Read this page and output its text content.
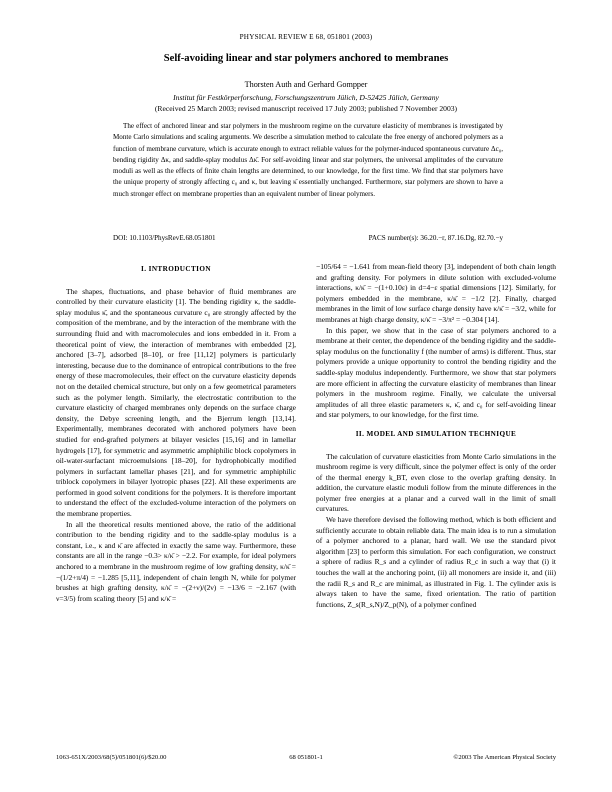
PHYSICAL REVIEW E 68, 051801 (2003)
Self-avoiding linear and star polymers anchored to membranes
Thorsten Auth and Gerhard Gompper
Institut für Festkörperforschung, Forschungszentrum Jülich, D-52425 Jülich, Germany
(Received 25 March 2003; revised manuscript received 17 July 2003; published 7 November 2003)
The effect of anchored linear and star polymers in the mushroom regime on the curvature elasticity of membranes is investigated by Monte Carlo simulations and scaling arguments. We describe a simulation method to calculate the free energy of anchored polymers as a function of membrane curvature, which is accurate enough to extract reliable values for the polymer-induced spontaneous curvature Δc₀, bending rigidity Δκ, and saddle-splay modulus Δκ̄. For self-avoiding linear and star polymers, the universal amplitudes of the curvature moduli as well as the effects of finite chain lengths are determined, to our knowledge, for the first time. We find that star polymers have the unique property of strongly affecting c₀ and κ, but leaving κ̄ essentially unchanged. Furthermore, star polymers are shown to have a much stronger effect on membrane properties than an equivalent number of linear polymers.
DOI: 10.1103/PhysRevE.68.051801	PACS number(s): 36.20.−r, 87.16.Dg, 82.70.−y
I. INTRODUCTION

The shapes, fluctuations, and phase behavior of fluid membranes are controlled by their curvature elasticity [1]. The bending rigidity κ, the saddle-splay modulus κ̄, and the spontaneous curvature c₀ are strongly affected by the composition of the membrane, and by the interaction of the membrane with the surrounding fluid and with macromolecules and ions embedded in it. From a theoretical point of view, the interaction of membranes with embedded [2], anchored [3–7], adsorbed [8–10], or free [11,12] polymers is particularly interesting, because due to the dominance of entropical contributions to the free energy of these macromolecules, their effect on the curvature elasticity depends not on the detailed chemical structure, but only on a few geometrical parameters such as the polymer length. Similarly, the electrostatic contribution to the curvature elasticity of charged membranes only depends on the surface charge density, the Debye screening length, and the Bjerrum length [13,14]. Experimentally, membranes decorated with anchored polymers have been studied for end-grafted polymers at bilayer vesicles [15,16] and in lamellar hydrogels [17], for symmetric and asymmetric amphiphilic block copolymers in oil-water-surfactant microemulsions [18–20], for hydrophobically modified polymers in surfactant lamellar phases [21], and for symmetric amphiphilic triblock copolymers in bilayer lyotropic phases [22]. All these experiments are performed in good solvent conditions for the polymers. It is therefore important to understand the effect of the excluded-volume interaction of the polymers on the membrane properties.

In all the theoretical results mentioned above, the ratio of the additional contribution to the bending rigidity and to the saddle-splay modulus is a constant, i.e., κ and κ̄ are affected in exactly the same way. Furthermore, these constants are all in the range −0.3> κ/κ̄ > −2.2. For example, for ideal polymers anchored to a membrane in the mushroom regime of low grafting density, κ/κ̄ = −(1/2+π/4) = −1.285 [5,11], independent of chain length N, while for polymer brushes at high grafting density, κ/κ̄ = −(2+ν)/(2ν) = −13/6 = −2.167 (with ν=3/5) from scaling theory [5] and κ/κ̄ =

−105/64 = −1.641 from mean-field theory [3], independent of both chain length and grafting density. For polymers in dilute solution with excluded-volume interactions, κ/κ̄ = −(1+0.10ε) in d=4−ε spatial dimensions [12]. Similarly, for polymers embedded in the membrane, κ/κ̄ = −1/2 [2]. Finally, charged membranes in the limit of low surface charge density have κ/κ̄ = −3/2, while for membranes at high charge density, κ/κ̄ = −3/π² = −0.304 [14].

In this paper, we show that in the case of star polymers anchored to a membrane at their center, the dependence of the bending rigidity and the saddle-splay modulus on the functionality f (the number of arms) is different. Thus, star polymers provide a unique opportunity to control the bending rigidity and the saddle-splay modulus independently. Furthermore, we show that star polymers are more efficient in affecting the curvature elasticity of membranes than linear polymers in the mushroom regime. Finally, we calculate the universal amplitudes of all three elastic parameters κ, κ̄, and c₀ for self-avoiding linear and star polymers, to our knowledge, for the first time.

II. MODEL AND SIMULATION TECHNIQUE

The calculation of curvature elasticities from Monte Carlo simulations in the mushroom regime is very difficult, since the polymer effect is only of the order of the thermal energy k_BT, even close to the overlap grafting density. In addition, the curvature elastic moduli follow from the minute differences in the polymer free energies at a planar and a curved wall in the limit of small curvatures.

We have therefore devised the following method, which is both efficient and sufficiently accurate to obtain reliable data. The main idea is to run a simulation of a polymer anchored to a planar, hard wall. We use the standard pivot algorithm [23] to perform this simulation. For each configuration, we construct a sphere of radius R_s and a cylinder of radius R_c in such a way that (i) it touches the wall at the anchoring point, (ii) all monomers are inside it, and (iii) the radii R_s and R_c are minimal, as illustrated in Fig. 1. The cylinder axis is always taken to have the same, fixed orientation. The ratio of partition functions, Z_s(R_s,N)/Z_p(N), of a polymer confined

1063-651X/2003/68(5)/051801(6)/$20.00	68 051801-1	©2003 The American Physical Society
